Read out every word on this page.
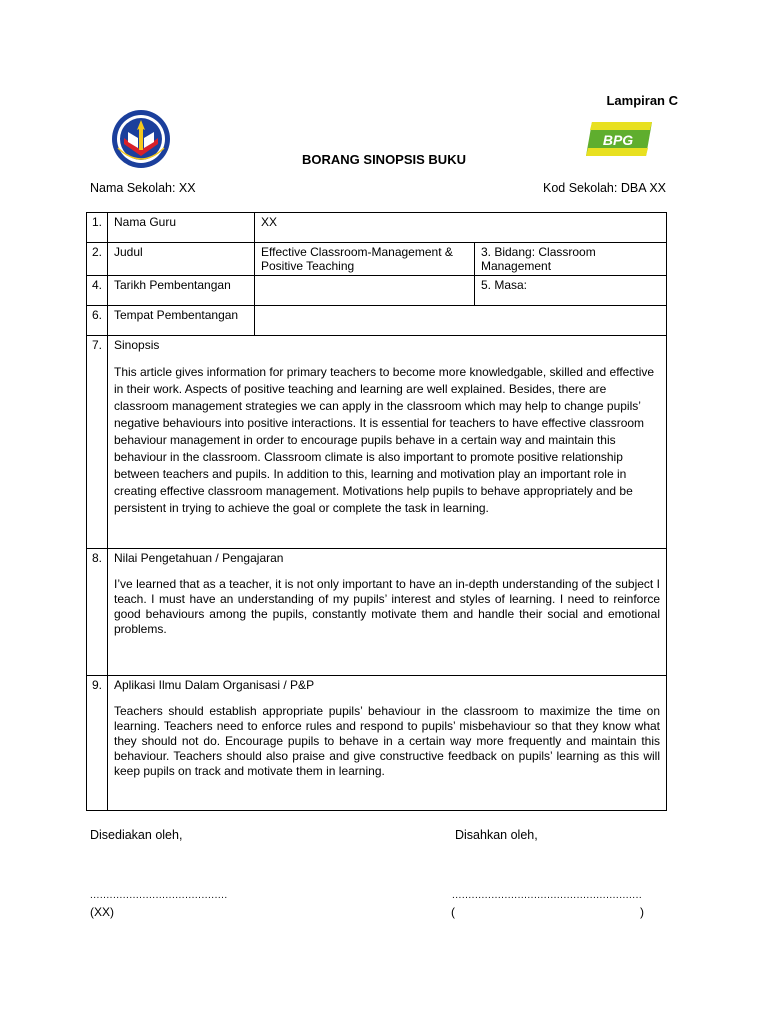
Lampiran C
BPG
BORANG SINOPSIS BUKU
Nama Sekolah: XX	Kod Sekolah: DBA XX
1.	Nama Guru	XX	
2.	Judul	Effective Classroom-Management & Positive Teaching	3. Bidang: Classroom Management
4.	Tarikh Pembentangan		5. Masa:
6.	Tempat Pembentangan		
7.	Sinopsis

This article gives information for primary teachers to become more knowledgable, skilled and effective in their work. Aspects of positive teaching and learning are well explained. Besides, there are classroom management strategies we can apply in the classroom which may help to change pupils’ negative behaviours into positive interactions. It is essential for teachers to have effective classroom behaviour management in order to encourage pupils behave in a certain way and maintain this behaviour in the classroom. Classroom climate is also important to promote positive relationship between teachers and pupils. In addition to this, learning and motivation play an important role in creating effective classroom management. Motivations help pupils to behave appropriately and be persistent in trying to achieve the goal or complete the task in learning.		

8.	Nilai Pengetahuan / Pengajaran

I’ve learned that as a teacher, it is not only important to have an in-depth understanding of the subject I teach. I must have an understanding of my pupils’ interest and styles of learning. I need to reinforce good behaviours among the pupils, constantly motivate them and handle their social and emotional problems.		

9.	Aplikasi Ilmu Dalam Organisasi / P&P

Teachers should establish appropriate pupils’ behaviour in the classroom to maximize the time on learning. Teachers need to enforce rules and respond to pupils’ misbehaviour so that they know what they should not do. Encourage pupils to behave in a certain way more frequently and maintain this behaviour. Teachers should also praise and give constructive feedback on pupils’ learning as this will keep pupils on track and motivate them in learning.		

Disediakan oleh,	Disahkan oleh,
..........................................	..........................................................
(XX)	(	)
